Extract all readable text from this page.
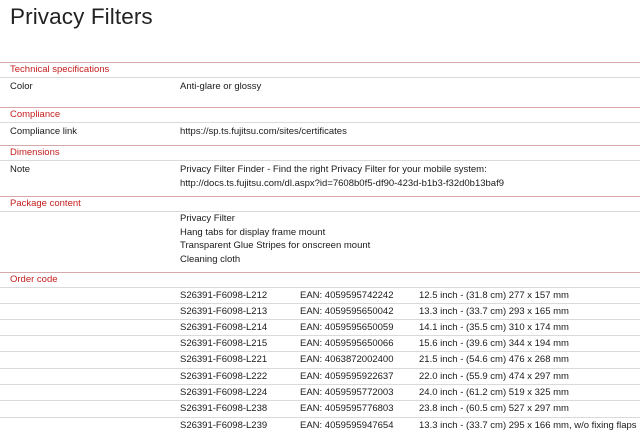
Privacy Filters
Technical specifications
Color	Anti-glare or glossy
Compliance
Compliance link	https://sp.ts.fujitsu.com/sites/certificates
Dimensions
Note	Privacy Filter Finder - Find the right Privacy Filter for your mobile system:
http://docs.ts.fujitsu.com/dl.aspx?id=7608b0f5-df90-423d-b1b3-f32d0b13baf9
Package content
Privacy Filter
Hang tabs for display frame mount
Transparent Glue Stripes for onscreen mount
Cleaning cloth
Order code
S26391-F6098-L212	EAN: 4059595742242	12.5 inch - (31.8 cm) 277 x 157 mm
S26391-F6098-L213	EAN: 4059595650042	13.3 inch - (33.7 cm) 293 x 165 mm
S26391-F6098-L214	EAN: 4059595650059	14.1 inch - (35.5 cm) 310 x 174 mm
S26391-F6098-L215	EAN: 4059595650066	15.6 inch - (39.6 cm) 344 x 194 mm
S26391-F6098-L221	EAN: 4063872002400	21.5 inch - (54.6 cm) 476 x 268 mm
S26391-F6098-L222	EAN: 4059595922637	22.0 inch - (55.9 cm) 474 x 297 mm
S26391-F6098-L224	EAN: 4059595772003	24.0 inch - (61.2 cm) 519 x 325 mm
S26391-F6098-L238	EAN: 4059595776803	23.8 inch - (60.5 cm) 527 x 297 mm
S26391-F6098-L239	EAN: 4059595947654	13.3 inch - (33.7 cm) 295 x 166 mm, w/o fixing flaps
